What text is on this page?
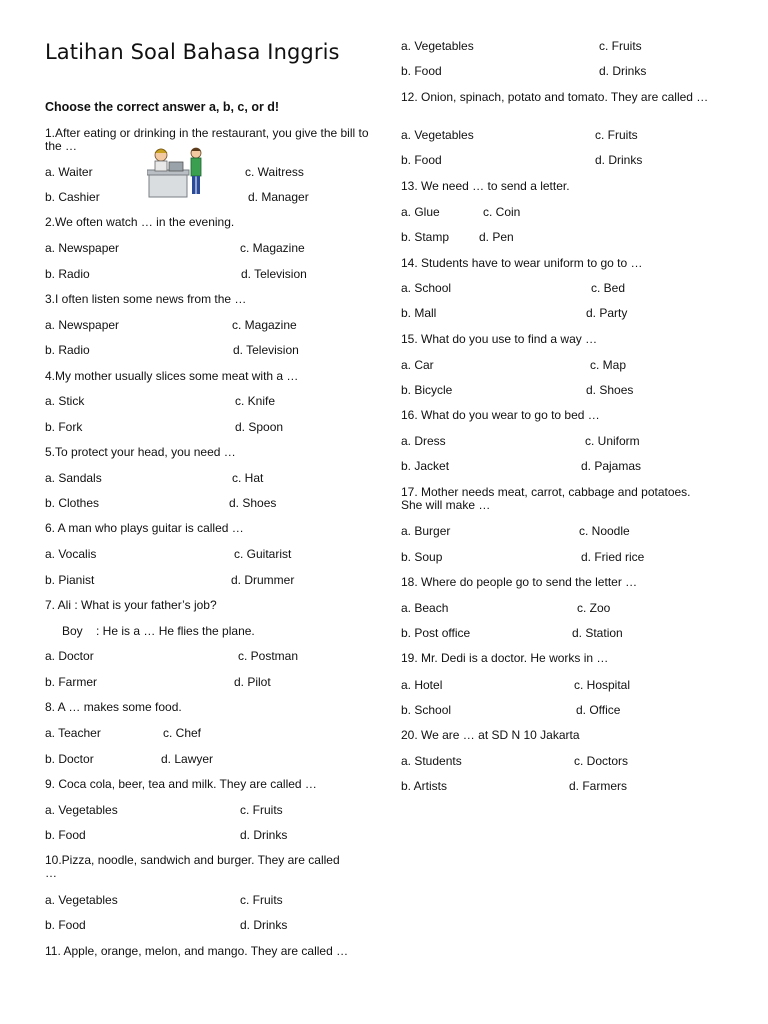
Latihan Soal Bahasa Inggris
Choose the correct answer a, b, c, or d!
1.After eating or drinking in the restaurant, you give the bill to the …
a. Waiter	c. Waitress
b. Cashier	d. Manager
2.We often watch … in the evening.
a. Newspaper	c. Magazine
b. Radio	d. Television
3.I often listen some news from the …
a. Newspaper	c. Magazine
b. Radio	d. Television
4.My mother usually slices some meat with a …
a. Stick	c. Knife
b. Fork	d. Spoon
5.To protect your head, you need …
a. Sandals	c. Hat
b. Clothes	d. Shoes
6. A man who plays guitar is called …
a. Vocalis	c. Guitarist
b. Pianist	d. Drummer
7. Ali : What is your father’s job?
Boy    : He is a … He flies the plane.
a. Doctor	c. Postman
b. Farmer	d. Pilot
8. A … makes some food.
a. Teacher	c. Chef
b. Doctor	d. Lawyer
9. Coca cola, beer, tea and milk. They are called …
a. Vegetables	c. Fruits
b. Food	d. Drinks
10.Pizza, noodle, sandwich and burger. They are called …
a. Vegetables	c. Fruits
b. Food	d. Drinks
11. Apple, orange, melon, and mango. They are called …
a. Vegetables	c. Fruits
b. Food	d. Drinks
12. Onion, spinach, potato and tomato. They are called …
a. Vegetables	c. Fruits
b. Food	d. Drinks
13. We need … to send a letter.
a. Glue	c. Coin
b. Stamp d. Pen
14. Students have to wear uniform to go to …
a. School	c. Bed
b. Mall	d. Party
15. What do you use to find a way …
a. Car	c. Map
b. Bicycle	d. Shoes
16. What do you wear to go to bed …
a. Dress	c. Uniform
b. Jacket	d. Pajamas
17. Mother needs meat, carrot, cabbage and potatoes. She will make …
a. Burger	c. Noodle
b. Soup	d. Fried rice
18. Where do people go to send the letter …
a. Beach	c. Zoo
b. Post office	d. Station
19. Mr. Dedi is a doctor. He works in …
a. Hotel	c. Hospital
b. School	d. Office
20. We are … at SD N 10 Jakarta
a. Students	c. Doctors
b. Artists	d. Farmers
